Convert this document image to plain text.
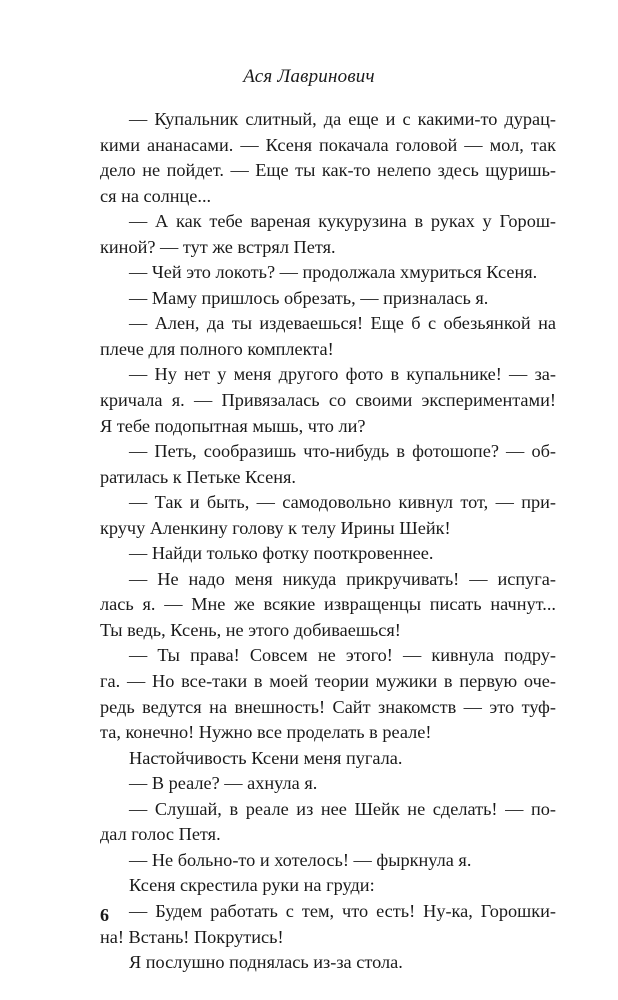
Ася Лавринович
— Купальник слитный, да еще и с какими-то дурац-
кими ананасами. — Ксеня покачала головой — мол, так
дело не пойдет. — Еще ты как-то нелепо здесь щуришь-
ся на солнце...
— А как тебе вареная кукурузина в руках у Горош-
киной? — тут же встрял Петя.
— Чей это локоть? — продолжала хмуриться Ксеня.
— Маму пришлось обрезать, — призналась я.
— Ален, да ты издеваешься! Еще б с обезьянкой на
плече для полного комплекта!
— Ну нет у меня другого фото в купальнике! — за-
кричала я. — Привязалась со своими экспериментами!
Я тебе подопытная мышь, что ли?
— Петь, сообразишь что-нибудь в фотошопе? — об-
ратилась к Петьке Ксеня.
— Так и быть, — самодовольно кивнул тот, — при-
кручу Аленкину голову к телу Ирины Шейк!
— Найди только фотку пооткровеннее.
— Не надо меня никуда прикручивать! — испуга-
лась я. — Мне же всякие извращенцы писать начнут...
Ты ведь, Ксень, не этого добиваешься!
— Ты права! Совсем не этого! — кивнула подру-
га. — Но все-таки в моей теории мужики в первую оче-
редь ведутся на внешность! Сайт знакомств — это туф-
та, конечно! Нужно все проделать в реале!
Настойчивость Ксени меня пугала.
— В реале? — ахнула я.
— Слушай, в реале из нее Шейк не сделать! — по-
дал голос Петя.
— Не больно-то и хотелось! — фыркнула я.
Ксеня скрестила руки на груди:
— Будем работать с тем, что есть! Ну-ка, Горошки-
на! Встань! Покрутись!
Я послушно поднялась из-за стола.
6
